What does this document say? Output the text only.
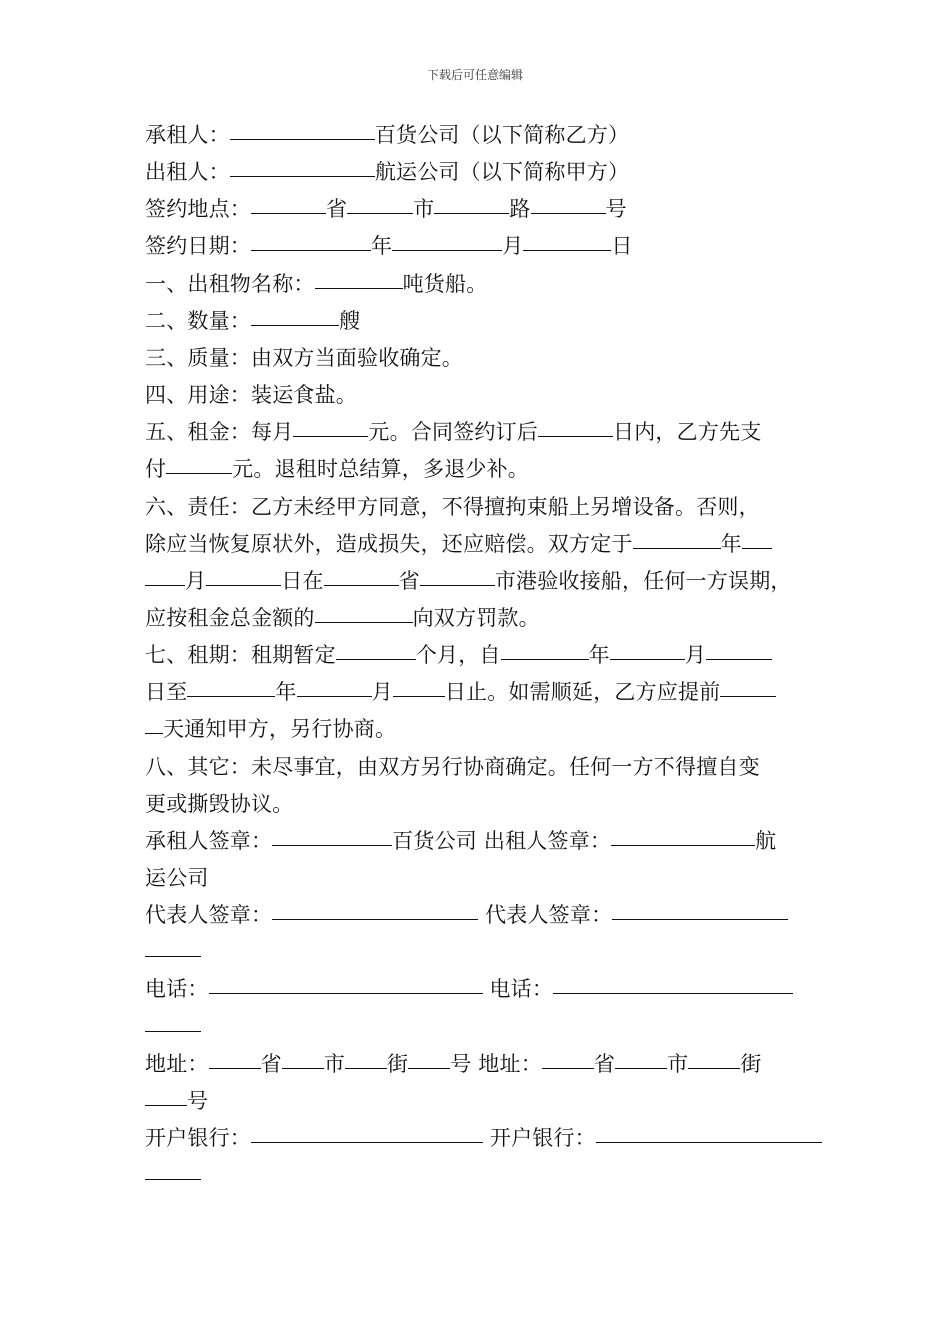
下载后可任意编辑
承租人：	百货公司（以下简称乙方）
出租人：	航运公司（以下简称甲方）
签约地点：	省	市	路	号
签约日期：	年	月	日
一、出租物名称：	吨货船。
二、数量：	艘
三、质量：由双方当面验收确定。
四、用途：装运食盐。
五、租金：每月	元。合同签约订后	日内，乙方先支
付	元。退租时总结算，多退少补。
六、责任：乙方未经甲方同意，不得擅拘束船上另增设备。否则，
除应当恢复原状外，造成损失，还应赔偿。双方定于	年
月	日在	省	市港验收接船，任何一方误期，
应按租金总金额的	向双方罚款。
七、租期：租期暂定	个月，自	年	月
日至	年	月 日止。如需顺延，乙方应提前
天通知甲方，另行协商。
八、其它：未尽事宜，由双方另行协商确定。任何一方不得擅自变
更或撕毁协议。
承租人签章：	百货公司 出租人签章：	航
运公司
代表人签章：	代表人签章：
电话：	电话：
地址： 省 市 街 号 地址： 省 市 街
号
开户银行：	开户银行：
